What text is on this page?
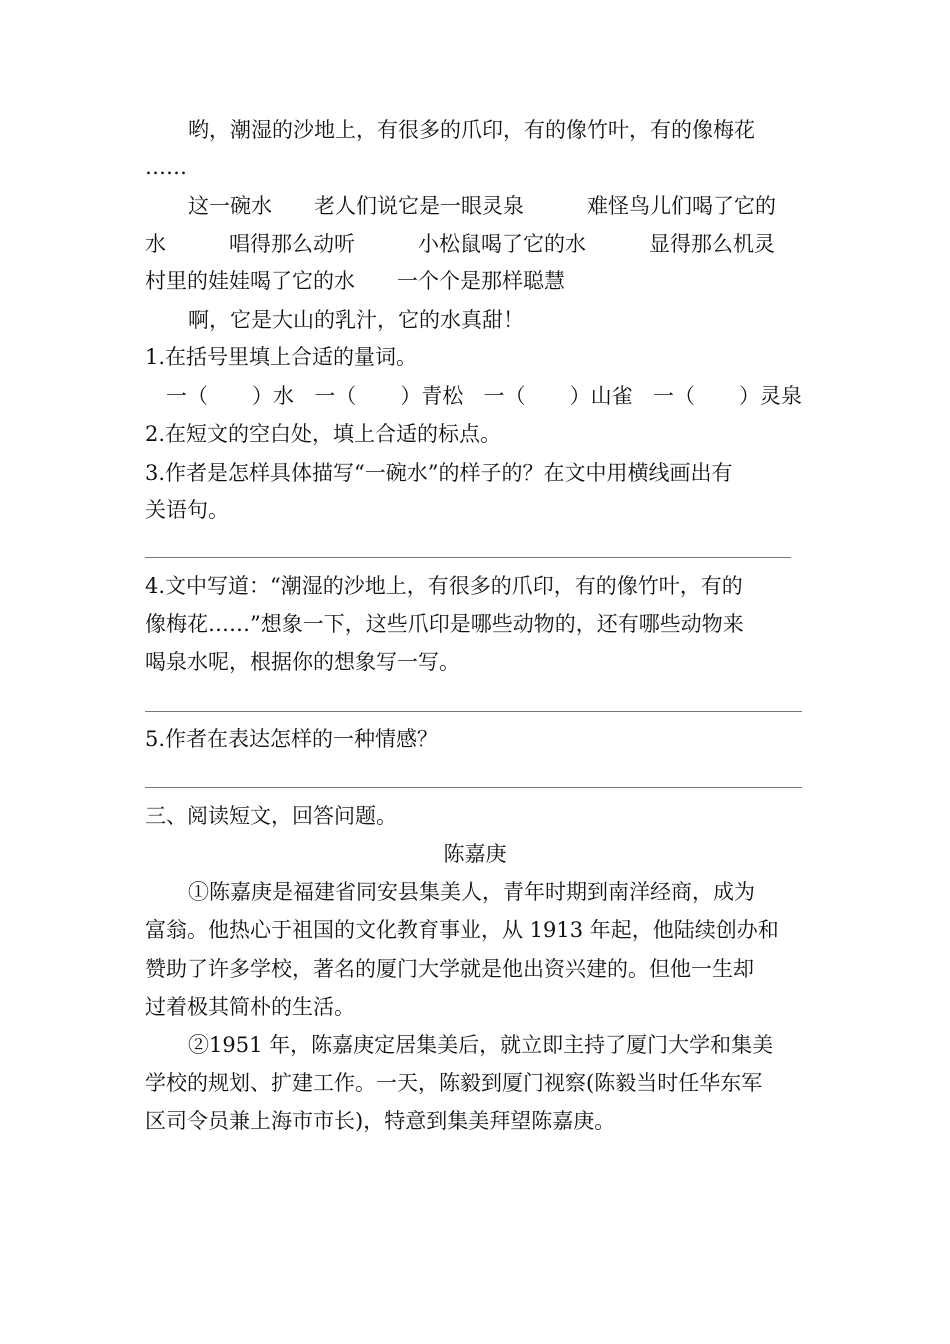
哟，潮湿的沙地上，有很多的爪印，有的像竹叶，有的像梅花
……
这一碗水　　老人们说它是一眼灵泉　　　难怪鸟儿们喝了它的
水　　　唱得那么动听　　　小松鼠喝了它的水　　　显得那么机灵
村里的娃娃喝了它的水　　一个个是那样聪慧
啊，它是大山的乳汁，它的水真甜！
1.在括号里填上合适的量词。
一（ ）水 一（ ）青松 一（ ）山雀 一（ ）灵泉
2.在短文的空白处，填上合适的标点。
3.作者是怎样具体描写“一碗水”的样子的？在文中用横线画出有
关语句。
4.文中写道：“潮湿的沙地上，有很多的爪印，有的像竹叶，有的
像梅花……”想象一下，这些爪印是哪些动物的，还有哪些动物来
喝泉水呢，根据你的想象写一写。
5.作者在表达怎样的一种情感？
三、阅读短文，回答问题。
陈嘉庚
①陈嘉庚是福建省同安县集美人，青年时期到南洋经商，成为
富翁。他热心于祖国的文化教育事业，从 1913 年起，他陆续创办和
赞助了许多学校，著名的厦门大学就是他出资兴建的。但他一生却
过着极其简朴的生活。
②1951 年，陈嘉庚定居集美后，就立即主持了厦门大学和集美
学校的规划、扩建工作。一天，陈毅到厦门视察(陈毅当时任华东军
区司令员兼上海市市长)，特意到集美拜望陈嘉庚。
